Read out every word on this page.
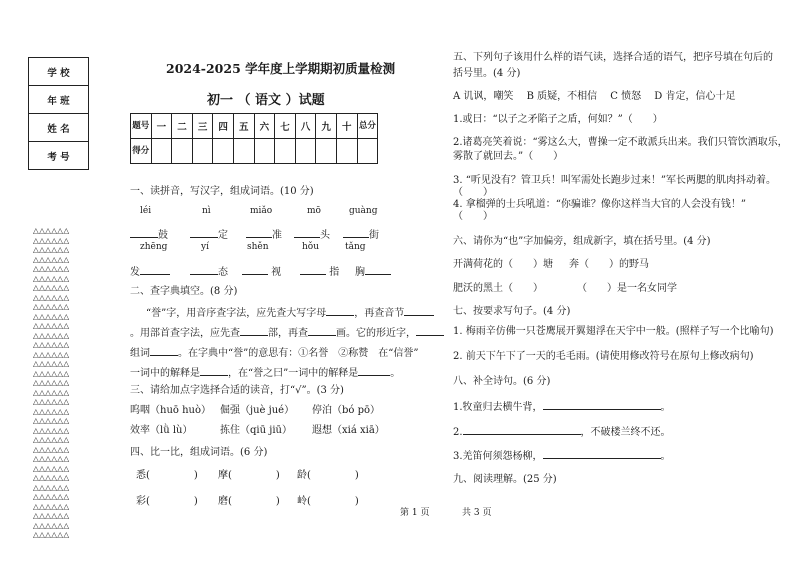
学 校
年 班
姓 名
考 号
△△△△△△
△△△△△△
△△△△△△
△△△△△△
△△△△△△
△△△△△△
△△△△△△
△△△△△△
△△△△△△
△△△△△△
△△△△△△
△△△△△△
△△△△△△
△△△△△△
△△△△△△
△△△△△△
△△△△△△
△△△△△△
△△△△△△
△△△△△△
△△△△△△
△△△△△△
△△△△△△
△△△△△△
△△△△△△
△△△△△△
△△△△△△
△△△△△△
△△△△△△
△△△△△△
△△△△△△
△△△△△△
△△△△△△
2024-2025 学年度上学期期初质量检测
初一 （ 语文 ）试题
题号	一	二	三	四	五	六	七	八	九	十	总分
得分											
一、读拼音，写汉字，组成词语。(10 分)
léi	nì	miǎo	mō	guàng
鼓	定	准	头	街
zhēng	yí	shěn	hǒu	tǎng
发	态	视	指 胸
二、查字典填空。(8 分)
“誉”字，用音序查字法，应先查大写字母	，再查音节
。用部首查字法，应先查	部，再查	画。它的形近字，
组词	。在字典中“誉”的意思有：①名誉　②称赞　在“信誉”
一词中的解释是	，在“誉之曰”一词中的解释是	。
三、请给加点字选择合适的读音，打“√”。(3 分)
呜咽（huō huò） 倔强（juè jué） 停泊（bó pō）
效率（lǜ lù）	拣住（qiū jiū） 遐想（xiá xiā）
四、比一比，组成词语。(6 分)
悉(	) 摩(	) 龄(	)
彩(	) 磨(	) 岭(	)
五、下列句子该用什么样的语气读，选择合适的语气，把序号填在句后的
括号里。(4 分)
A 讥讽，嘲笑　 B 质疑，不相信　 C 愤怒　 D 肯定，信心十足
1.或曰：“以子之矛陷子之盾，何如？”（　　）
2.诸葛亮笑着说：“雾这么大，曹操一定不敢派兵出来。我们只管饮酒取乐，
雾散了就回去。”（　　）
3. “听见没有？管卫兵！叫军需处长跑步过来！”军长两腮的肌肉抖动着。
（　　）
4. 拿榴弹的士兵吼道：“你骗谁？像你这样当大官的人会没有钱！”
（　　）
六、请你为“也”字加偏旁，组成新字，填在括号里。(4 分)
开满荷花的（　　）塘 奔（　　）的野马
肥沃的黑土（　　）	（　　）是一名女同学
七、按要求写句子。(4 分)
1. 梅雨辛仿佛一只苍鹰展开翼翅浮在天宇中一般。(照样子写一个比喻句)
2. 前天下午下了一天的毛毛雨。(请使用修改符号在原句上修改病句)
八、补全诗句。(6 分)
1.牧童归去横牛背，	。
2.	，不破楼兰终不还。
3.羌笛何须怨杨柳，	。
九、阅读理解。(25 分)
第 1 页	共 3 页
